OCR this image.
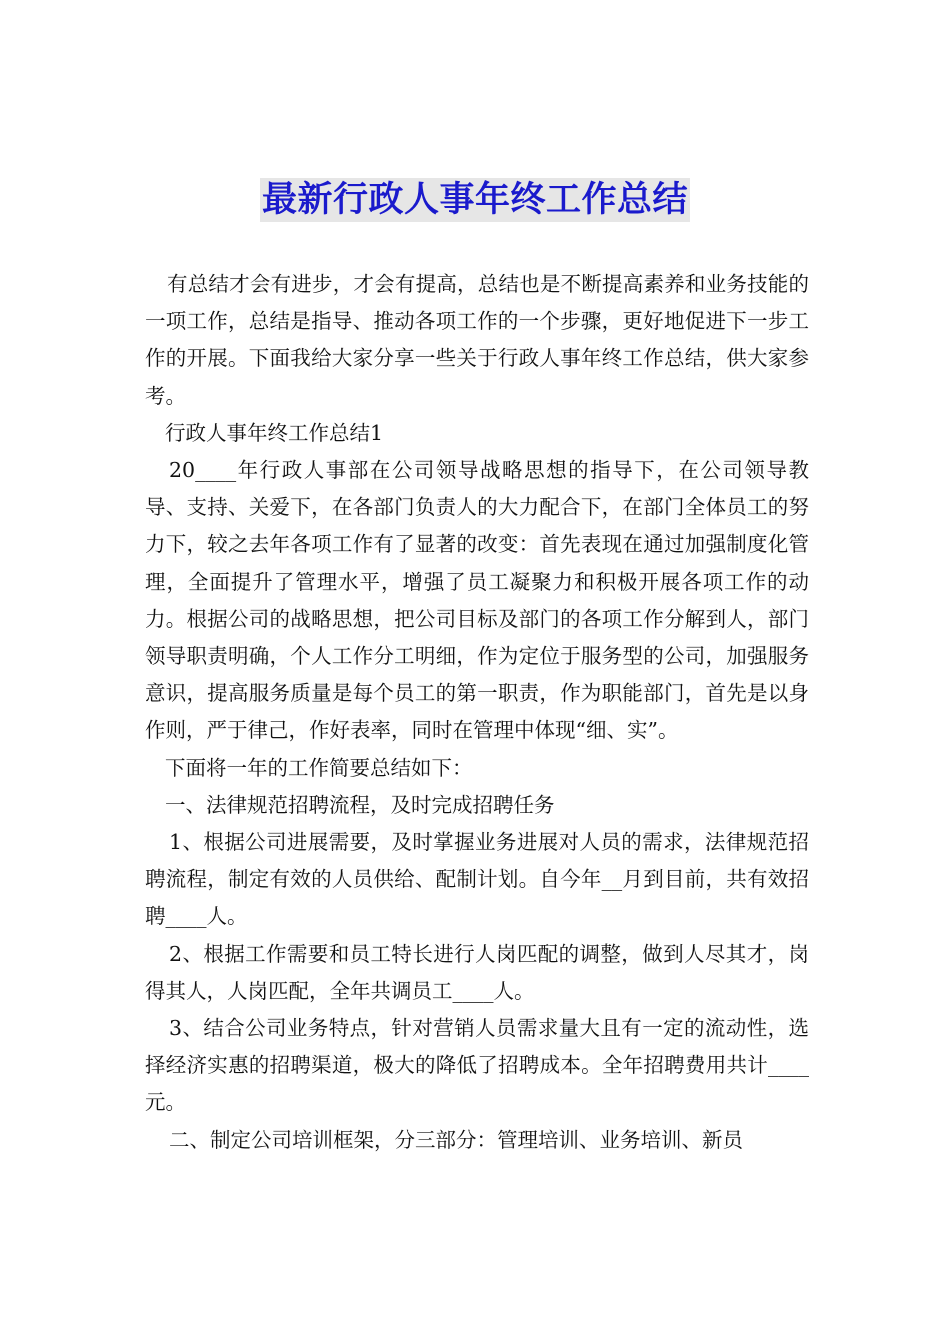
最新行政人事年终工作总结

有总结才会有进步，才会有提高，总结也是不断提高素养和业务技能的一项工作，总结是指导、推动各项工作的一个步骤，更好地促进下一步工作的开展。下面我给大家分享一些关于行政人事年终工作总结，供大家参考。

行政人事年终工作总结1

20____年行政人事部在公司领导战略思想的指导下，在公司领导教导、支持、关爱下，在各部门负责人的大力配合下，在部门全体员工的努力下，较之去年各项工作有了显著的改变：首先表现在通过加强制度化管理，全面提升了管理水平，增强了员工凝聚力和积极开展各项工作的动力。根据公司的战略思想，把公司目标及部门的各项工作分解到人，部门领导职责明确，个人工作分工明细，作为定位于服务型的公司，加强服务意识，提高服务质量是每个员工的第一职责，作为职能部门，首先是以身作则，严于律己，作好表率，同时在管理中体现“细、实”。

下面将一年的工作简要总结如下：

一、法律规范招聘流程，及时完成招聘任务

1、根据公司进展需要，及时掌握业务进展对人员的需求，法律规范招聘流程，制定有效的人员供给、配制计划。自今年__月到目前，共有效招聘____人。

2、根据工作需要和员工特长进行人岗匹配的调整，做到人尽其才，岗得其人，人岗匹配，全年共调员工____人。

3、结合公司业务特点，针对营销人员需求量大且有一定的流动性，选择经济实惠的招聘渠道，极大的降低了招聘成本。全年招聘费用共计____元。

二、制定公司培训框架，分三部分：管理培训、业务培训、新员
